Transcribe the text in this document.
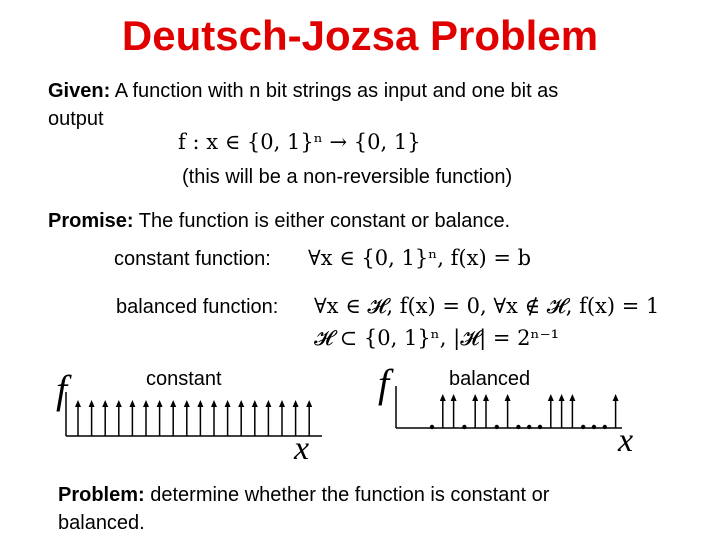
Deutsch-Jozsa Problem
Given: A function with n bit strings as input and one bit as
output
f : x ∈ {0, 1}ⁿ → {0, 1}
(this will be a non-reversible function)
Promise: The function is either constant or balance.
constant function: ∀x ∈ {0, 1}ⁿ, f(x) = b
balanced function: ∀x ∈ 𝓗, f(x) = 0, ∀x ∉ 𝓗, f(x) = 1
𝓗 ⊂ {0, 1}ⁿ, |𝓗| = 2ⁿ⁻¹
constant
f
x
balanced
f
x
Problem: determine whether the function is constant or
balanced.
